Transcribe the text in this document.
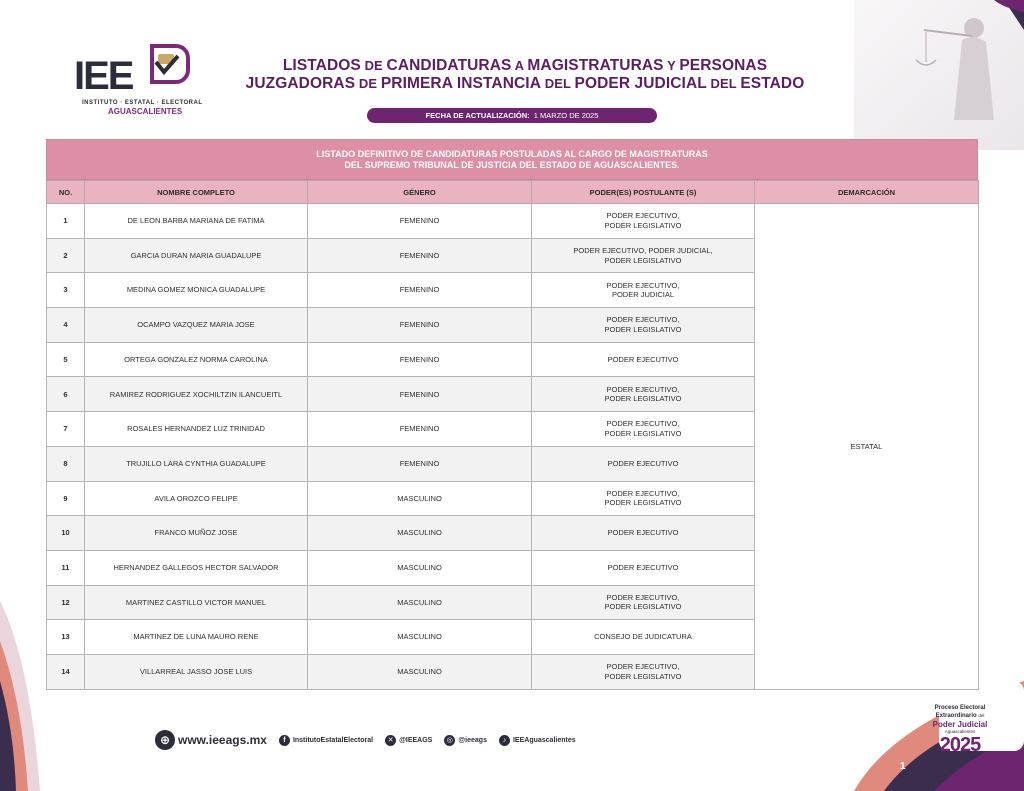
IEE
INSTITUTO · ESTATAL · ELECTORAL
AGUASCALIENTES
LISTADOS DE CANDIDATURAS A MAGISTRATURAS Y PERSONAS
JUZGADORAS DE PRIMERA INSTANCIA DEL PODER JUDICIAL DEL ESTADO
FECHA DE ACTUALIZACIÓN: 1 MARZO DE 2025
LISTADO DEFINITIVO DE CANDIDATURAS POSTULADAS AL CARGO DE MAGISTRATURAS
DEL SUPREMO TRIBUNAL DE JUSTICIA DEL ESTADO DE AGUASCALIENTES.
NO.	NOMBRE COMPLETO	GÉNERO	PODER(ES) POSTULANTE (S)	DEMARCACIÓN
1	DE LEON BARBA MARIANA DE FATIMA	FEMENINO	PODER EJECUTIVO,
PODER LEGISLATIVO	ESTATAL
2	GARCIA DURAN MARIA GUADALUPE	FEMENINO	PODER EJECUTIVO, PODER JUDICIAL,
PODER LEGISLATIVO	

3	MEDINA GOMEZ MONICA GUADALUPE	FEMENINO	PODER EJECUTIVO,
PODER JUDICIAL	

4	OCAMPO VAZQUEZ MARIA JOSE	FEMENINO	PODER EJECUTIVO,
PODER LEGISLATIVO	

5	ORTEGA GONZALEZ NORMA CAROLINA	FEMENINO	PODER EJECUTIVO	

6	RAMIREZ RODRIGUEZ XOCHILTZIN ILANCUEITL	FEMENINO	PODER EJECUTIVO,
PODER LEGISLATIVO	

7	ROSALES HERNANDEZ LUZ TRINIDAD	FEMENINO	PODER EJECUTIVO,
PODER LEGISLATIVO	

8	TRUJILLO LARA CYNTHIA GUADALUPE	FEMENINO	PODER EJECUTIVO	

9	AVILA OROZCO FELIPE	MASCULINO	PODER EJECUTIVO,
PODER LEGISLATIVO	

10	FRANCO MUÑOZ JOSE	MASCULINO	PODER EJECUTIVO	

11	HERNANDEZ GALLEGOS HECTOR SALVADOR	MASCULINO	PODER EJECUTIVO	

12	MARTINEZ CASTILLO VICTOR MANUEL	MASCULINO	PODER EJECUTIVO,
PODER LEGISLATIVO	

13	MARTINEZ DE LUNA MAURO RENE	MASCULINO	CONSEJO DE JUDICATURA	

14	VILLARREAL JASSO JOSE LUIS	MASCULINO	PODER EJECUTIVO,
PODER LEGISLATIVO	
⊕ www.ieeags.mx	f	InstitutoEstatalElectoral	✕ @IEEAGS	◎ @ieeags	♪ IEEAguascalientes
Proceso Electoral
Extraordinario del
Poder Judicial
Aguascalientes
2025
1
